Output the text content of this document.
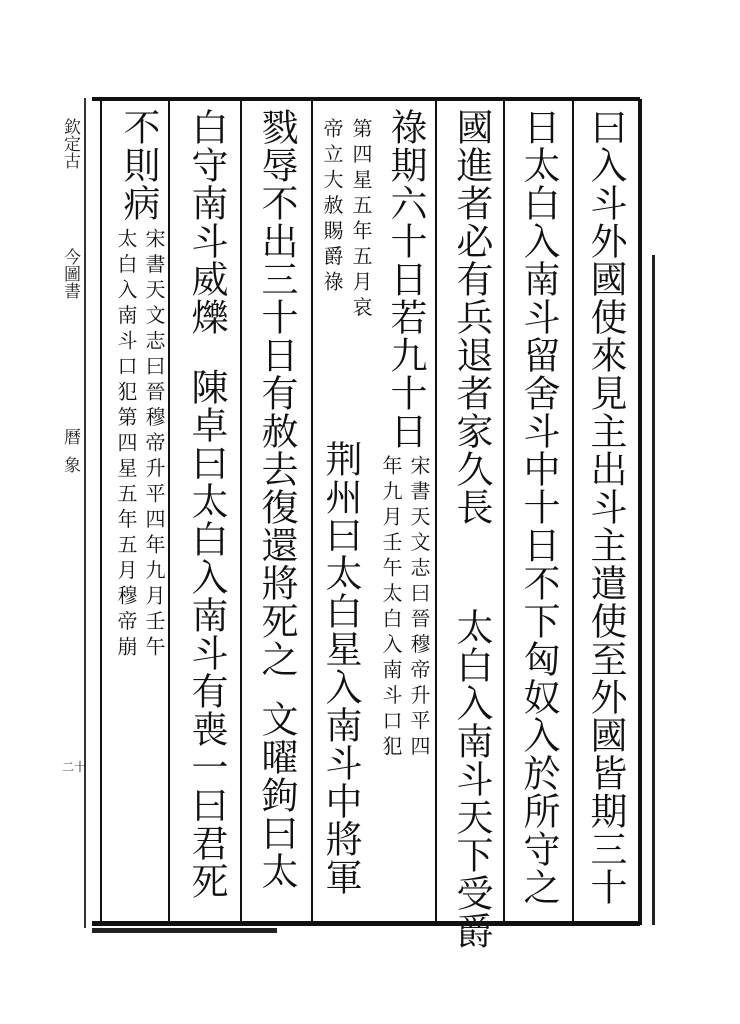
欽定古
今圖書
曆
象
二十	曰入斗外國使來見主出斗主遣使至外國皆期三十
日太白入南斗留舍斗中十日不下匈奴入於所守之
國進者必有兵退者家久長
太白入南斗天下受爵
祿期六十日若九十日
宋書天文志曰晉穆帝升平四
年九月壬午太白入南斗口犯
第四星五年五月哀
帝立大赦賜爵祿
荆州曰太白星入南斗中將軍
戮辱不出三十日有赦去復還將死之
文曜鉤曰太
白守南斗威爍
陳卓曰太白入南斗有喪一曰君死
不則病
宋書天文志曰晉穆帝升平四年九月壬午
太白入南斗口犯第四星五年五月穆帝崩
